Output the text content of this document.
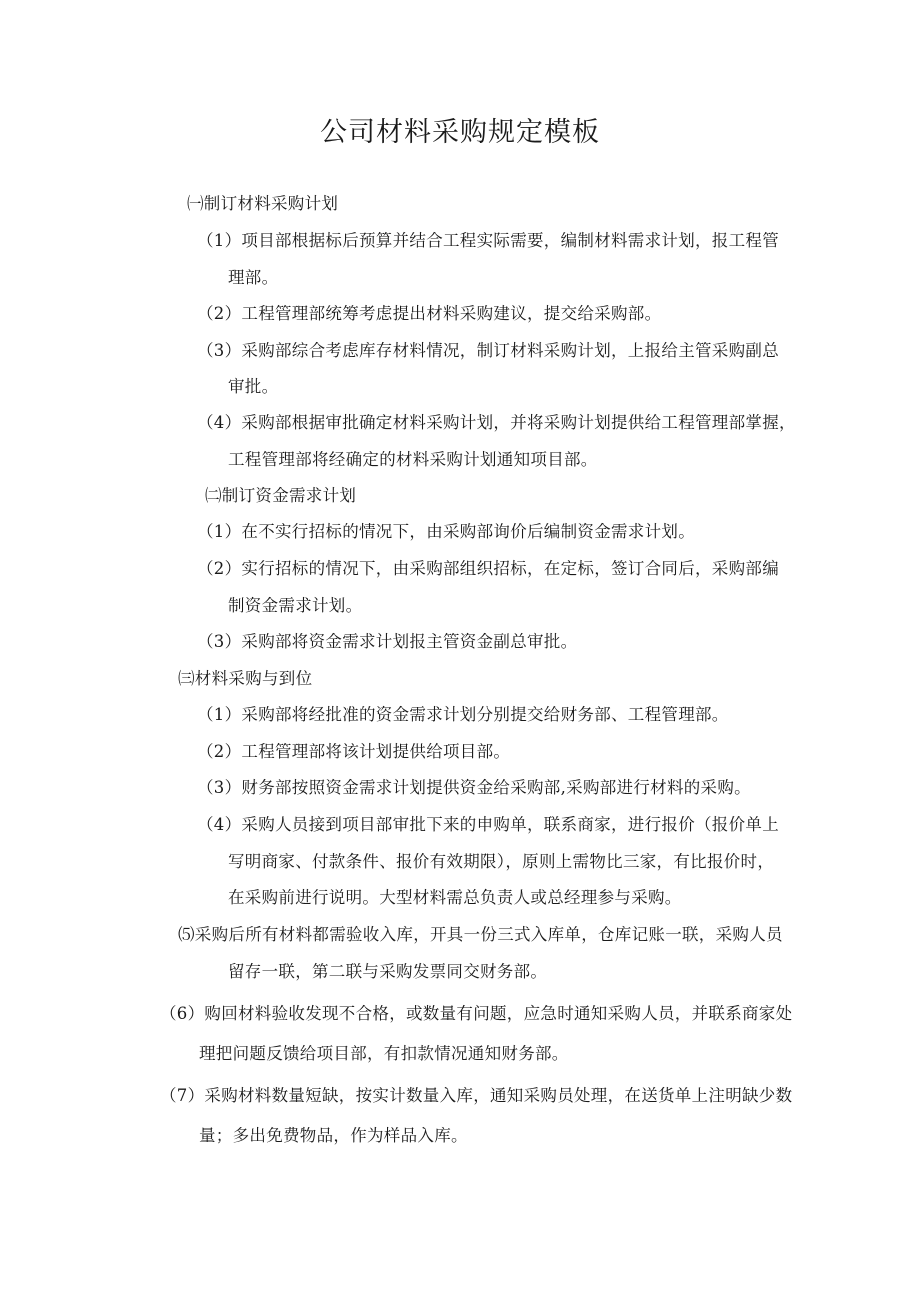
公司材料采购规定模板
㈠制订材料采购计划
（1）项目部根据标后预算并结合工程实际需要，编制材料需求计划，报工程管
理部。
（2）工程管理部统筹考虑提出材料采购建议，提交给采购部。
（3）采购部综合考虑库存材料情况，制订材料采购计划，上报给主管采购副总
审批。
（4）采购部根据审批确定材料采购计划，并将采购计划提供给工程管理部掌握，
工程管理部将经确定的材料采购计划通知项目部。
㈡制订资金需求计划
（1）在不实行招标的情况下，由采购部询价后编制资金需求计划。
（2）实行招标的情况下，由采购部组织招标，在定标，签订合同后，采购部编
制资金需求计划。
（3）采购部将资金需求计划报主管资金副总审批。
㈢材料采购与到位
（1）采购部将经批准的资金需求计划分别提交给财务部、工程管理部。
（2）工程管理部将该计划提供给项目部。
（3）财务部按照资金需求计划提供资金给采购部,采购部进行材料的采购。
（4）采购人员接到项目部审批下来的申购单，联系商家，进行报价（报价单上
写明商家、付款条件、报价有效期限），原则上需物比三家，有比报价时，
在采购前进行说明。大型材料需总负责人或总经理参与采购。
⑸采购后所有材料都需验收入库，开具一份三式入库单，仓库记账一联，采购人员
留存一联，第二联与采购发票同交财务部。
（6）购回材料验收发现不合格，或数量有问题，应急时通知采购人员，并联系商家处
理把问题反馈给项目部，有扣款情况通知财务部。
（7）采购材料数量短缺，按实计数量入库，通知采购员处理，在送货单上注明缺少数
量；多出免费物品，作为样品入库。
